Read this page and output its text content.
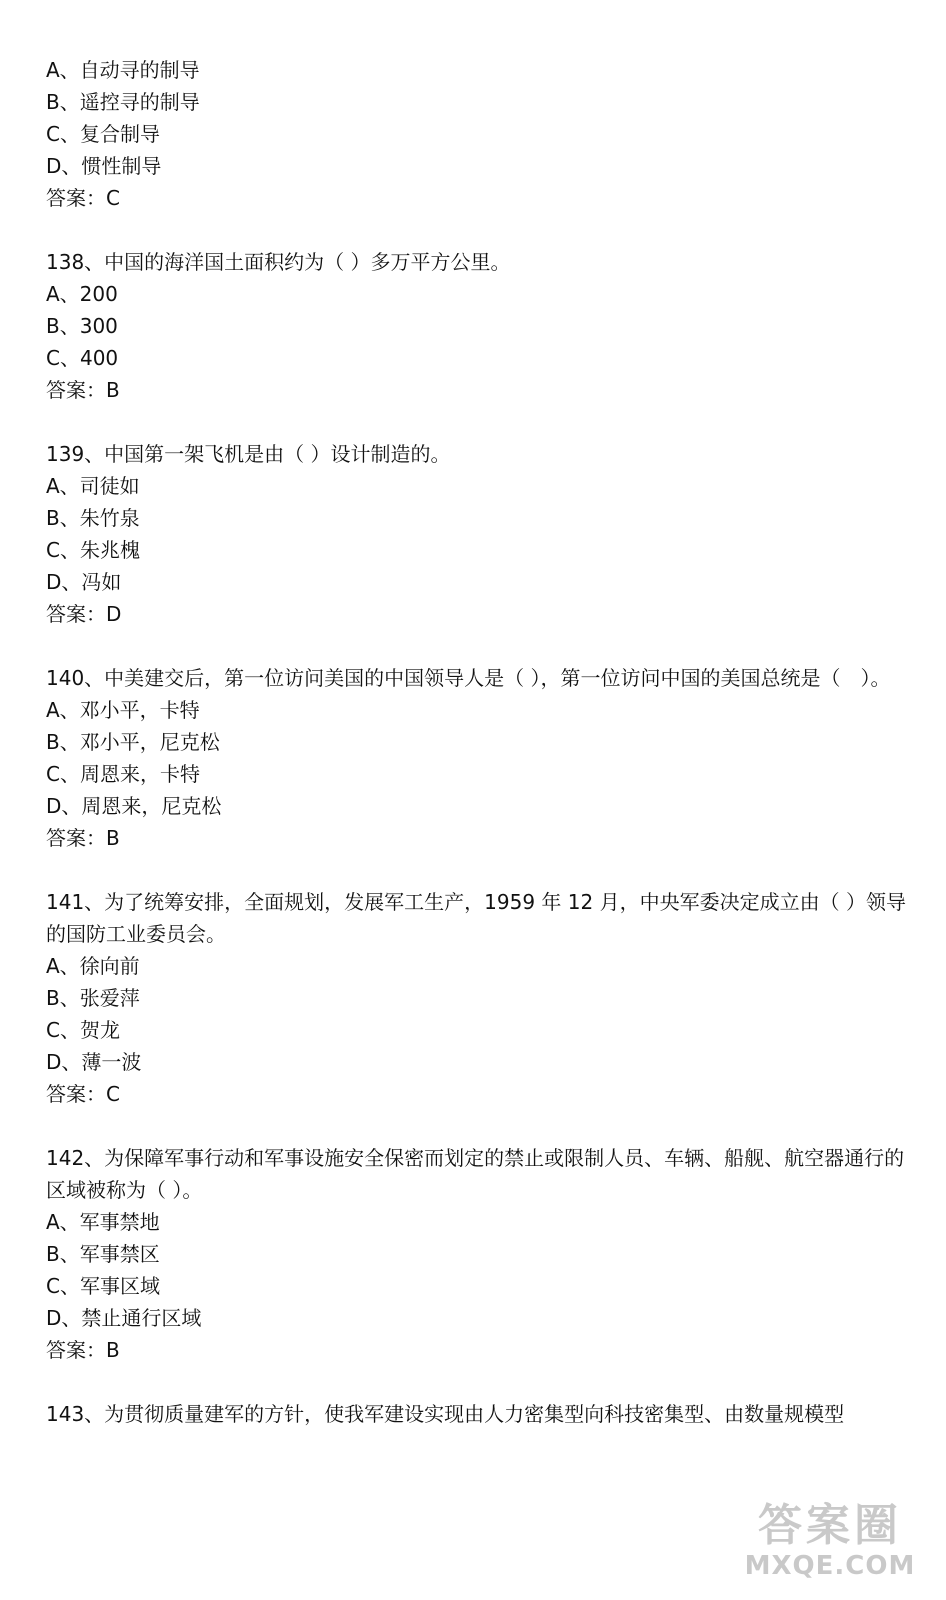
A、自动寻的制导
B、遥控寻的制导
C、复合制导
D、惯性制导
答案：C
138、中国的海洋国土面积约为（ ）多万平方公里。
A、200
B、300
C、400
答案：B
139、中国第一架飞机是由（ ）设计制造的。
A、司徒如
B、朱竹泉
C、朱兆槐
D、冯如
答案：D
140、中美建交后，第一位访问美国的中国领导人是（ ），第一位访问中国的美国总统是（　）。
A、邓小平，卡特
B、邓小平，尼克松
C、周恩来，卡特
D、周恩来，尼克松
答案：B
141、为了统筹安排，全面规划，发展军工生产，1959 年 12 月，中央军委决定成立由（ ）领导的国防工业委员会。
A、徐向前
B、张爱萍
C、贺龙
D、薄一波
答案：C
142、为保障军事行动和军事设施安全保密而划定的禁止或限制人员、车辆、船舰、航空器通行的区域被称为（ ）。
A、军事禁地
B、军事禁区
C、军事区域
D、禁止通行区域
答案：B
143、为贯彻质量建军的方针，使我军建设实现由人力密集型向科技密集型、由数量规模型
答案圈
MXQE.COM
